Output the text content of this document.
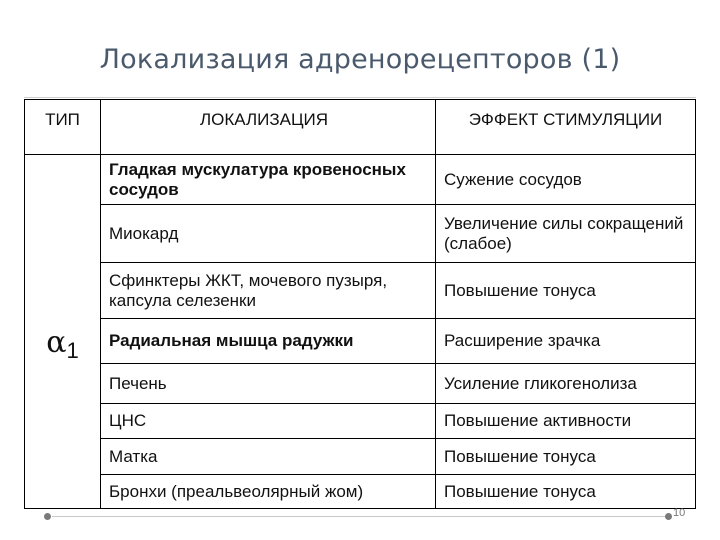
Локализация адренорецепторов (1)
ТИП	ЛОКАЛИЗАЦИЯ	ЭФФЕКТ СТИМУЛЯЦИИ
$\alpha_1$	Гладкая мускулатура кровеносных сосудов	Сужение сосудов
	Миокард	Увеличение силы сокращений (слабое)
	Сфинктеры ЖКТ, мочевого пузыря, капсула селезенки	Повышение тонуса
	Радиальная мышца радужки	Расширение зрачка
	Печень	Усиление гликогенолиза
	ЦНС	Повышение активности
	Матка	Повышение тонуса
	Бронхи (преальвеолярный жом)	Повышение тонуса
10
